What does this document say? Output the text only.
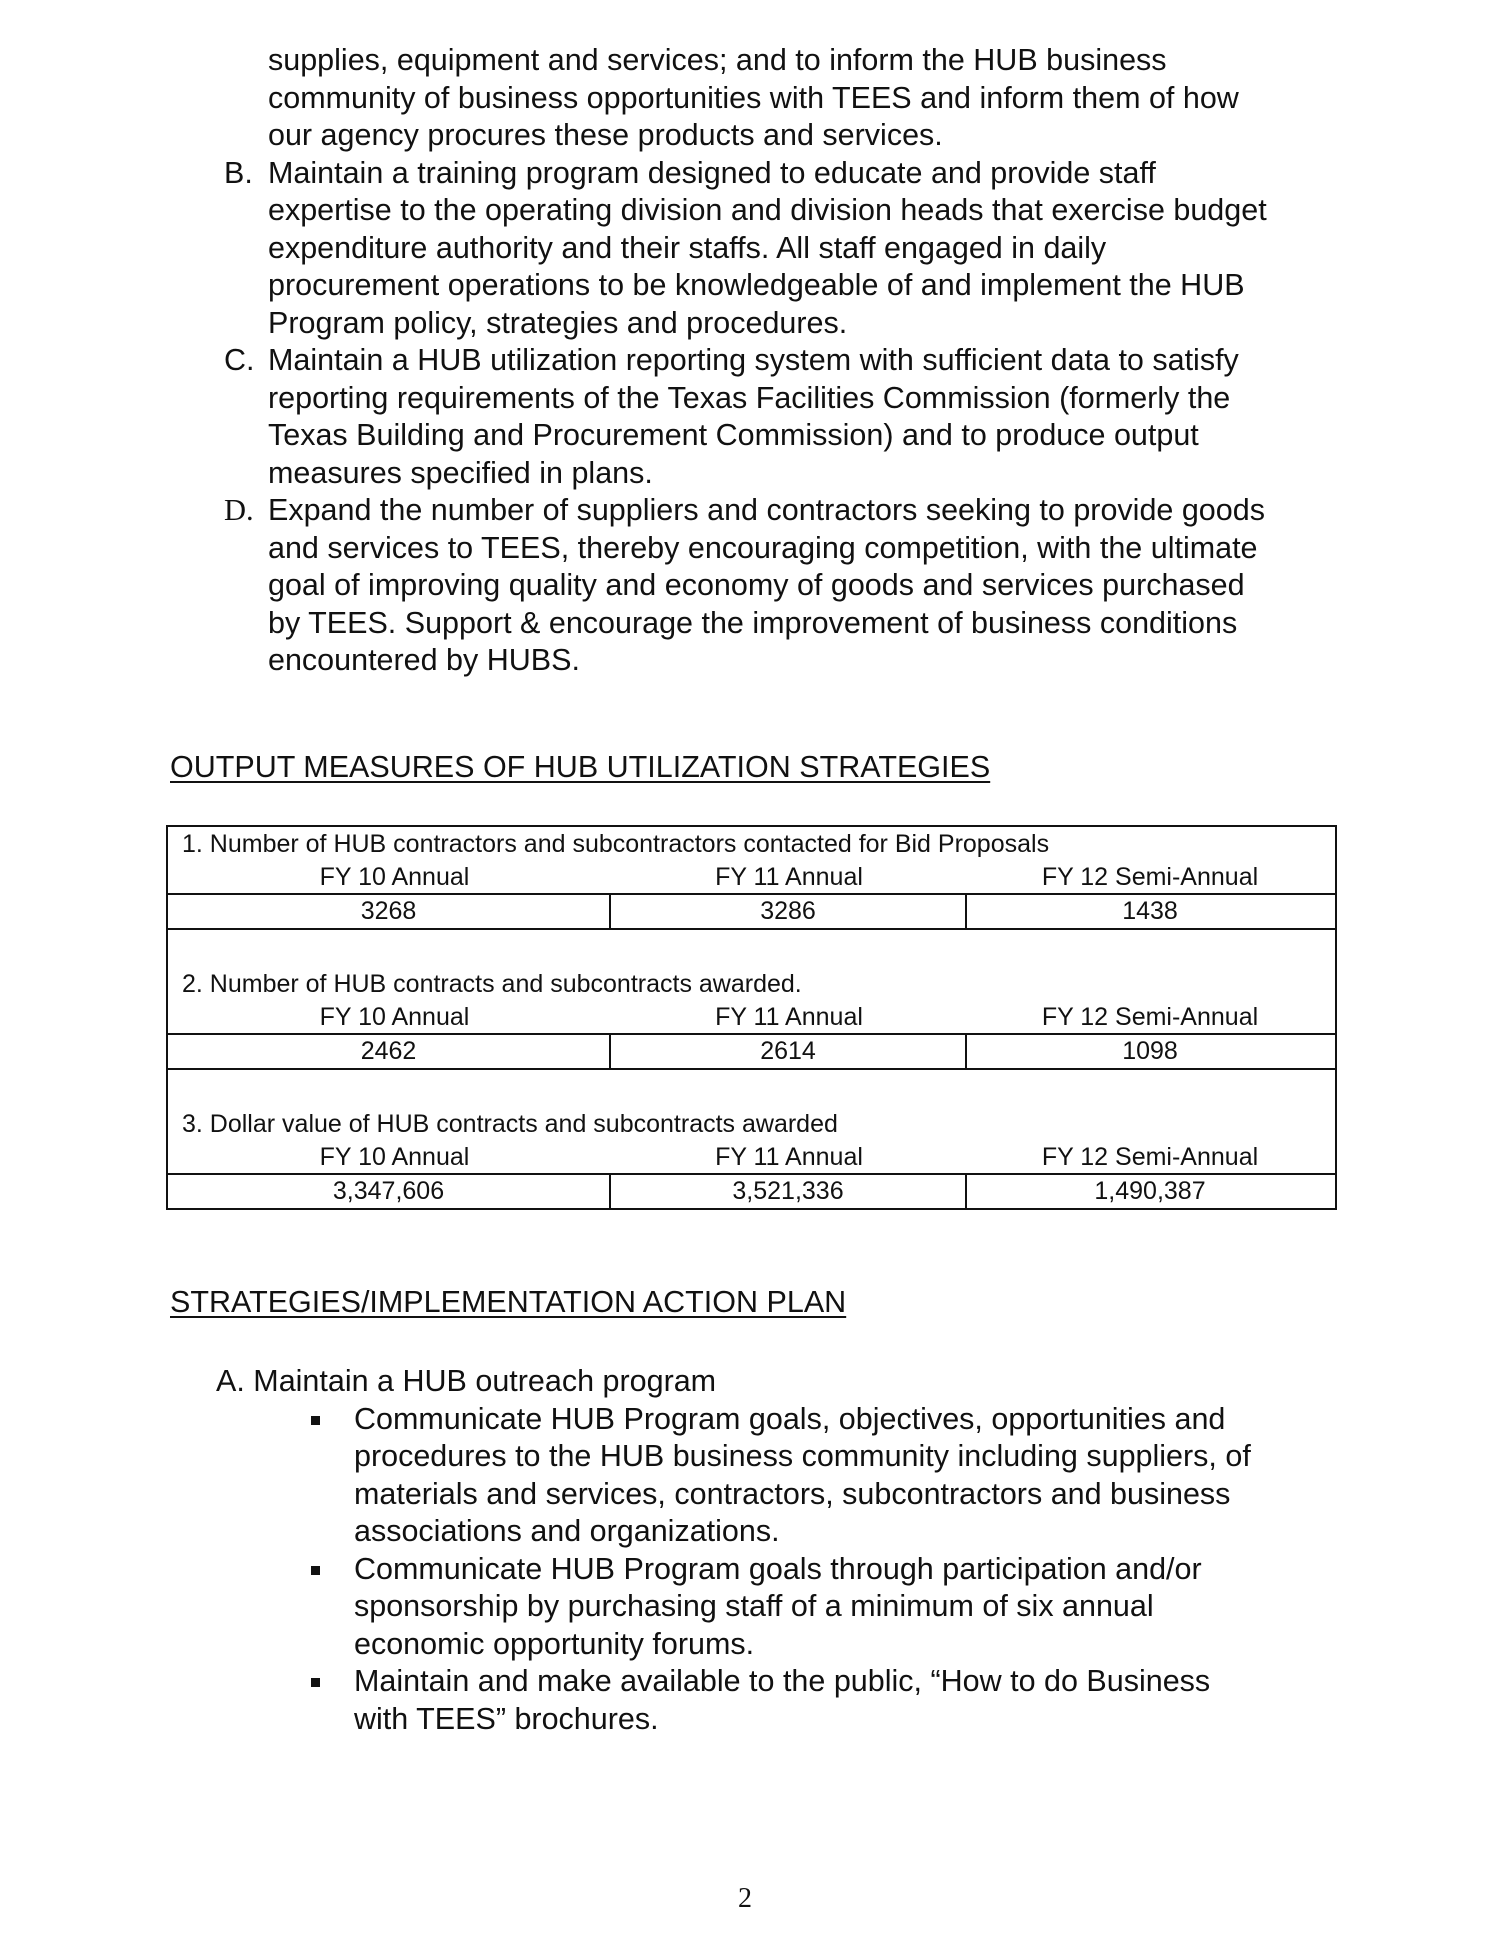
supplies, equipment and services; and to inform the HUB business
community of business opportunities with TEES and inform them of how
our agency procures these products and services.
B. Maintain a training program designed to educate and provide staff
expertise to the operating division and division heads that exercise budget
expenditure authority and their staffs. All staff engaged in daily
procurement operations to be knowledgeable of and implement the HUB
Program policy, strategies and procedures.
C. Maintain a HUB utilization reporting system with sufficient data to satisfy
reporting requirements of the Texas Facilities Commission (formerly the
Texas Building and Procurement Commission) and to produce output
measures specified in plans.
D. Expand the number of suppliers and contractors seeking to provide goods
and services to TEES, thereby encouraging competition, with the ultimate
goal of improving quality and economy of goods and services purchased
by TEES. Support & encourage the improvement of business conditions
encountered by HUBS.
OUTPUT MEASURES OF HUB UTILIZATION STRATEGIES
1. Number of HUB contractors and subcontractors contacted for Bid Proposals
FY 10 Annual	FY 11 Annual	FY 12 Semi-Annual
3268	3286	1438
2. Number of HUB contracts and subcontracts awarded.
FY 10 Annual	FY 11 Annual	FY 12 Semi-Annual
2462	2614	1098
3. Dollar value of HUB contracts and subcontracts awarded
FY 10 Annual	FY 11 Annual	FY 12 Semi-Annual
3,347,606	3,521,336	1,490,387
STRATEGIES/IMPLEMENTATION ACTION PLAN
A. Maintain a HUB outreach program
Communicate HUB Program goals, objectives, opportunities and
procedures to the HUB business community including suppliers, of
materials and services, contractors, subcontractors and business
associations and organizations.
Communicate HUB Program goals through participation and/or
sponsorship by purchasing staff of a minimum of six annual
economic opportunity forums.
Maintain and make available to the public, “How to do Business
with TEES” brochures.
2
